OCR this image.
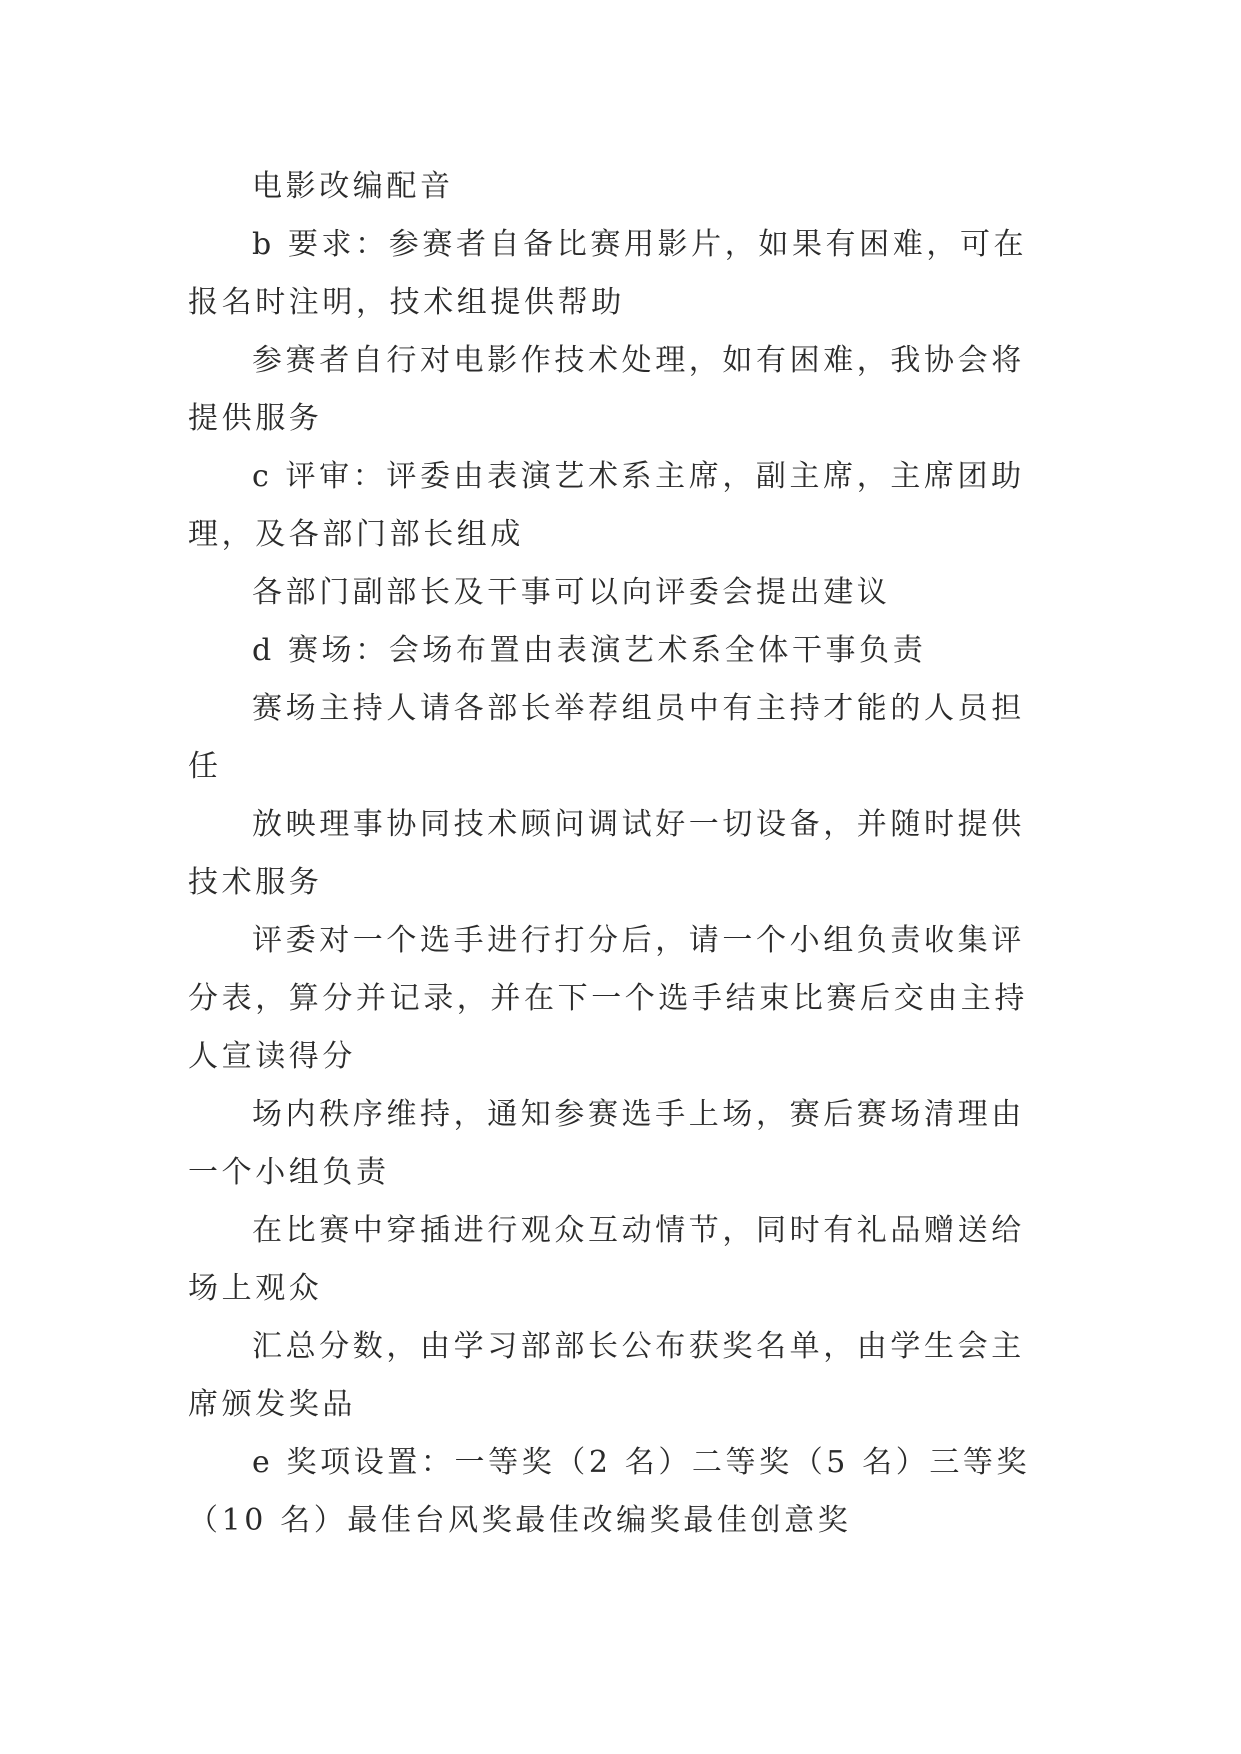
电影改编配音

b 要求：参赛者自备比赛用影片，如果有困难，可在报名时注明，技术组提供帮助

参赛者自行对电影作技术处理，如有困难，我协会将提供服务

c 评审：评委由表演艺术系主席，副主席，主席团助理，及各部门部长组成

各部门副部长及干事可以向评委会提出建议

d 赛场：会场布置由表演艺术系全体干事负责

赛场主持人请各部长举荐组员中有主持才能的人员担任

放映理事协同技术顾问调试好一切设备，并随时提供技术服务

评委对一个选手进行打分后，请一个小组负责收集评分表，算分并记录，并在下一个选手结束比赛后交由主持人宣读得分

场内秩序维持，通知参赛选手上场，赛后赛场清理由一个小组负责

在比赛中穿插进行观众互动情节，同时有礼品赠送给场上观众

汇总分数，由学习部部长公布获奖名单，由学生会主席颁发奖品

e 奖项设置：一等奖（2 名）二等奖（5 名）三等奖（10 名）最佳台风奖最佳改编奖最佳创意奖
